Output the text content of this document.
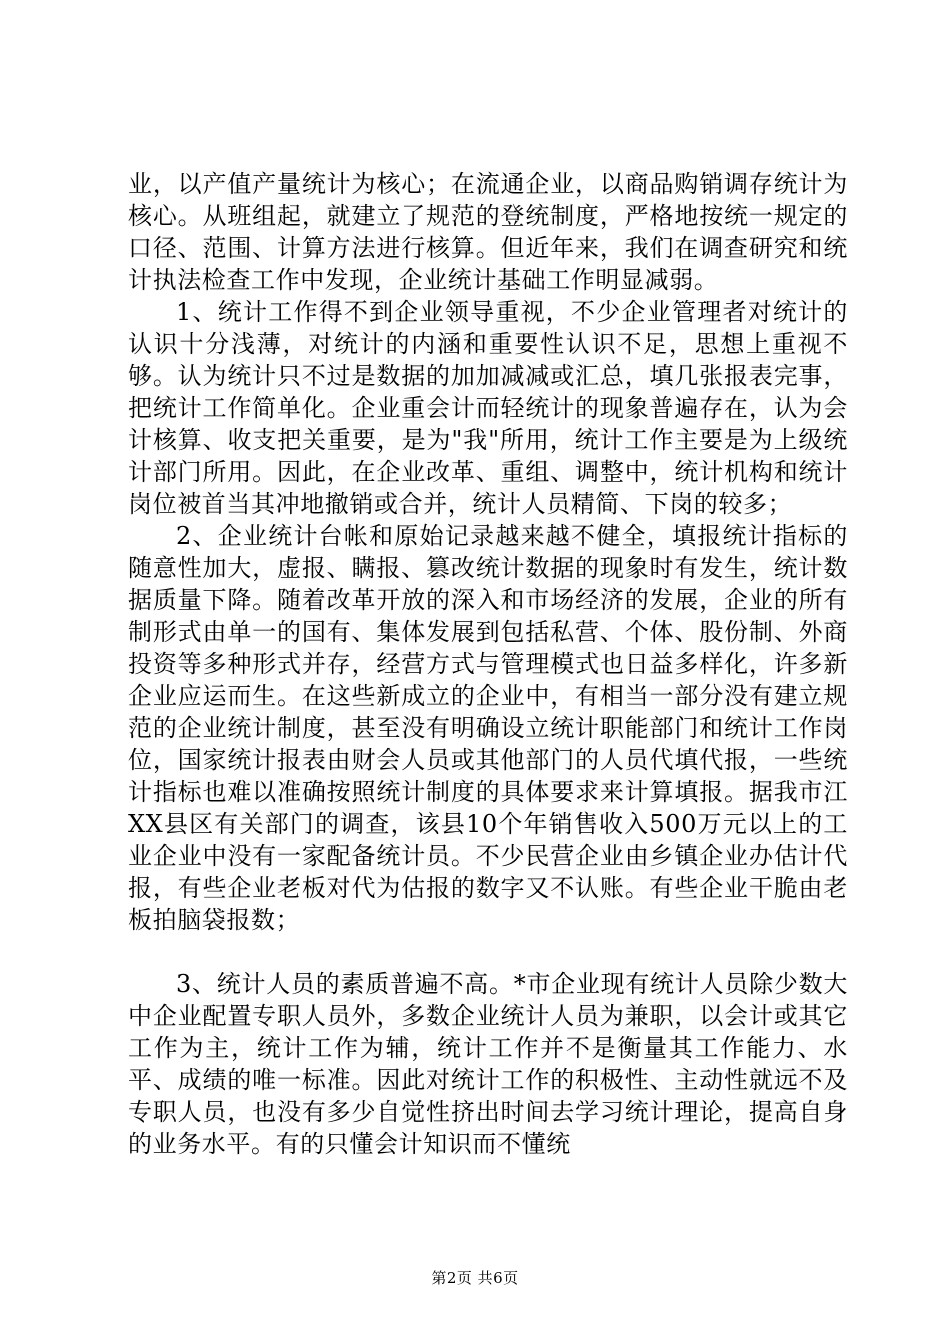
业，以产值产量统计为核心；在流通企业，以商品购销调存统计为核心。从班组起，就建立了规范的登统制度，严格地按统一规定的口径、范围、计算方法进行核算。但近年来，我们在调查研究和统计执法检查工作中发现，企业统计基础工作明显减弱。

1、统计工作得不到企业领导重视，不少企业管理者对统计的认识十分浅薄，对统计的内涵和重要性认识不足，思想上重视不够。认为统计只不过是数据的加加减减或汇总，填几张报表完事，把统计工作简单化。企业重会计而轻统计的现象普遍存在，认为会计核算、收支把关重要，是为"我"所用，统计工作主要是为上级统计部门所用。因此，在企业改革、重组、调整中，统计机构和统计岗位被首当其冲地撤销或合并，统计人员精简、下岗的较多；

2、企业统计台帐和原始记录越来越不健全，填报统计指标的随意性加大，虚报、瞒报、篡改统计数据的现象时有发生，统计数据质量下降。随着改革开放的深入和市场经济的发展，企业的所有制形式由单一的国有、集体发展到包括私营、个体、股份制、外商投资等多种形式并存，经营方式与管理模式也日益多样化，许多新企业应运而生。在这些新成立的企业中，有相当一部分没有建立规范的企业统计制度，甚至没有明确设立统计职能部门和统计工作岗位，国家统计报表由财会人员或其他部门的人员代填代报，一些统计指标也难以准确按照统计制度的具体要求来计算填报。据我市江XX县区有关部门的调查，该县10个年销售收入500万元以上的工业企业中没有一家配备统计员。不少民营企业由乡镇企业办估计代报，有些企业老板对代为估报的数字又不认账。有些企业干脆由老板拍脑袋报数；

3、统计人员的素质普遍不高。*市企业现有统计人员除少数大中企业配置专职人员外，多数企业统计人员为兼职，以会计或其它工作为主，统计工作为辅，统计工作并不是衡量其工作能力、水平、成绩的唯一标准。因此对统计工作的积极性、主动性就远不及专职人员，也没有多少自觉性挤出时间去学习统计理论，提高自身的业务水平。有的只懂会计知识而不懂统

第2页 共6页
